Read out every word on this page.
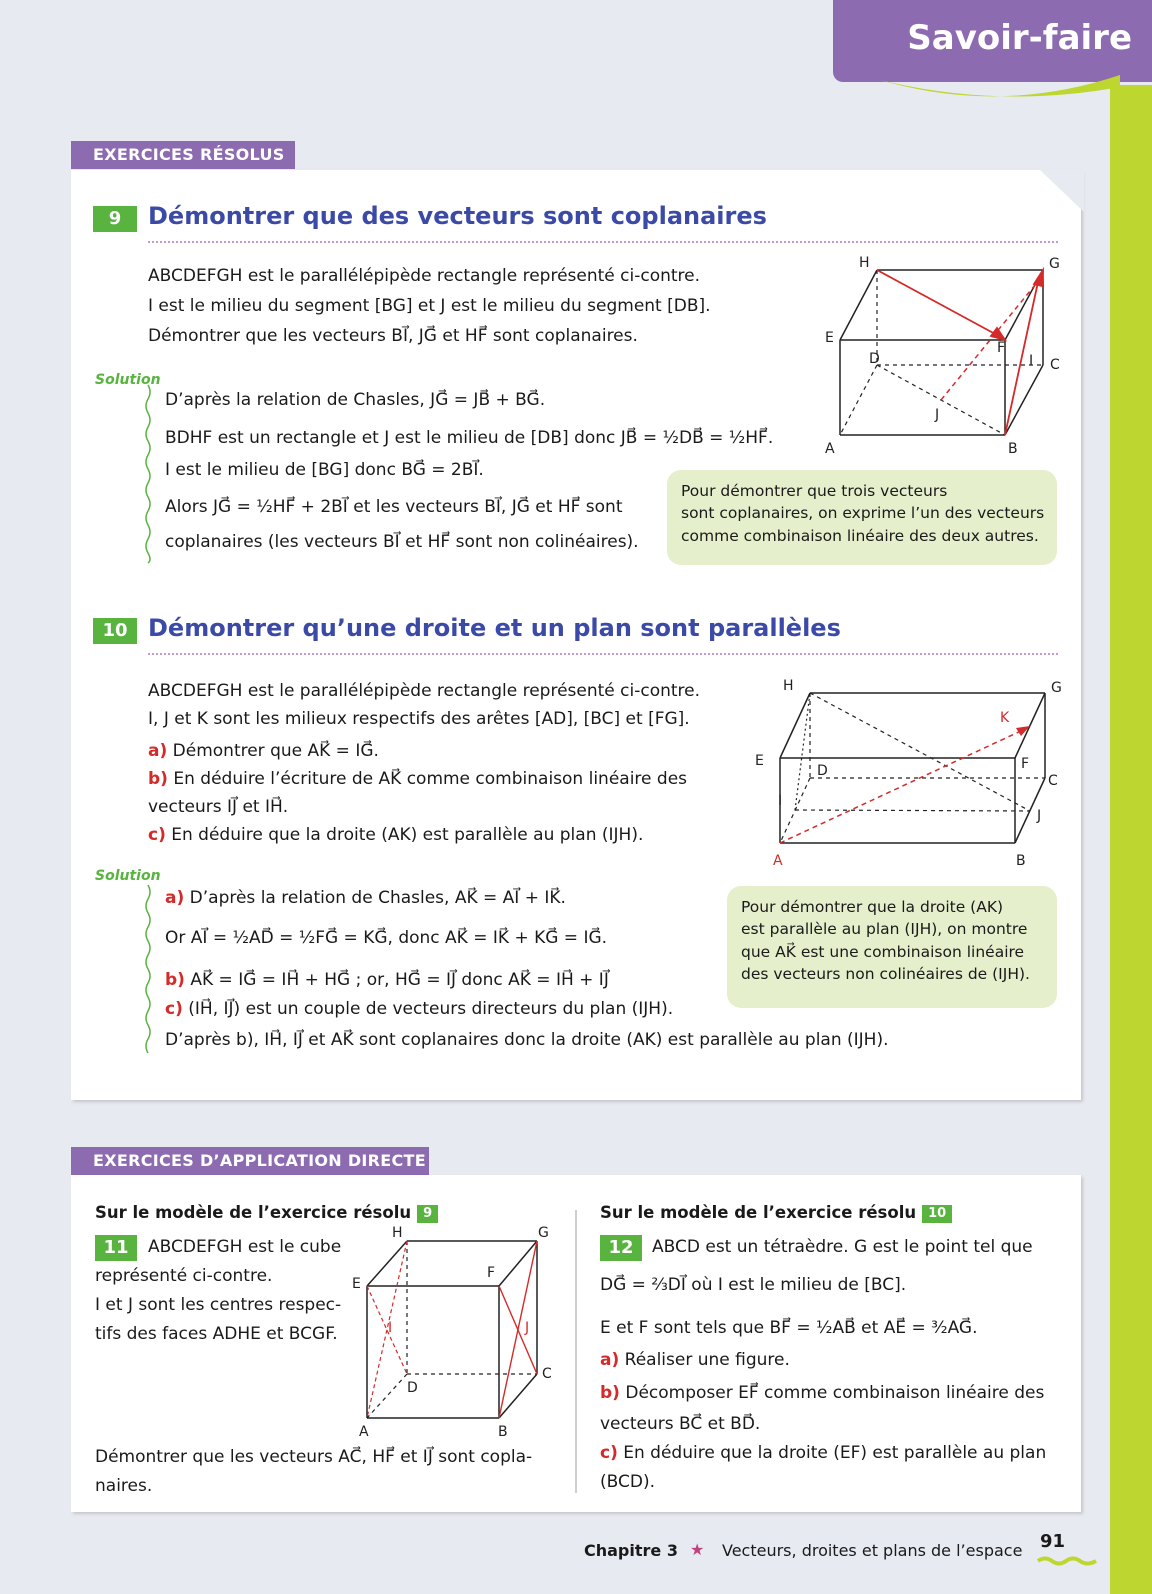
Savoir-faire
EXERCICES RÉSOLUS
9	Démontrer que des vecteurs sont coplanaires
ABCDEFGH est le parallélépipède rectangle représenté ci-contre.
I est le milieu du segment [BG] et J est le milieu du segment [DB].
Démontrer que les vecteurs BI⃗, JG⃗ et HF⃗ sont coplanaires.
Solution
D’après la relation de Chasles, JG⃗ = JB⃗ + BG⃗.
BDHF est un rectangle et J est le milieu de [DB] donc JB⃗ = ½DB⃗ = ½HF⃗.
I est le milieu de [BG] donc BG⃗ = 2BI⃗.
Alors JG⃗ = ½HF⃗ + 2BI⃗ et les vecteurs BI⃗, JG⃗ et HF⃗ sont
coplanaires (les vecteurs BI⃗ et HF⃗ sont non colinéaires).
Pour démontrer que trois vecteurs
sont coplanaires, on exprime l’un des vecteurs
comme combinaison linéaire des deux autres.
H	G
E
F
D	C
I
J
A	B
10 Démontrer qu’une droite et un plan sont parallèles
ABCDEFGH est le parallélépipède rectangle représenté ci-contre.
I, J et K sont les milieux respectifs des arêtes [AD], [BC] et [FG].
a) Démontrer que AK⃗ = IG⃗.
b) En déduire l’écriture de AK⃗ comme combinaison linéaire des
vecteurs IJ⃗ et IH⃗.
c) En déduire que la droite (AK) est parallèle au plan (IJH).
Solution
a) D’après la relation de Chasles, AK⃗ = AI⃗ + IK⃗.
Or AI⃗ = ½AD⃗ = ½FG⃗ = KG⃗, donc AK⃗ = IK⃗ + KG⃗ = IG⃗.
b) AK⃗ = IG⃗ = IH⃗ + HG⃗ ; or, HG⃗ = IJ⃗ donc AK⃗ = IH⃗ + IJ⃗
c) (IH⃗, IJ⃗) est un couple de vecteurs directeurs du plan (IJH).
D’après b), IH⃗, IJ⃗ et AK⃗ sont coplanaires donc la droite (AK) est parallèle au plan (IJH).
Pour démontrer que la droite (AK)
est parallèle au plan (IJH), on montre
que AK⃗ est une combinaison linéaire
des vecteurs non colinéaires de (IJH).
H	G
K
E	F
D
C
I
J
A	B
EXERCICES D’APPLICATION DIRECTE
Sur le modèle de l’exercice résolu 9
11	ABCDEFGH est le cube
représenté ci-contre.
I et J sont les centres respec-
tifs des faces ADHE et BCGF.
Démontrer que les vecteurs AC⃗, HF⃗ et IJ⃗ sont copla-
naires.
H	G
F
E
I	J
C
D
A	B
Sur le modèle de l’exercice résolu 10
12	ABCD est un tétraèdre. G est le point tel que
DG⃗ = ⅔DI⃗ où I est le milieu de [BC].
E et F sont tels que BF⃗ = ½AB⃗ et AE⃗ = ³⁄₂AG⃗.
a) Réaliser une figure.
b) Décomposer EF⃗ comme combinaison linéaire des
vecteurs BC⃗ et BD⃗.
c) En déduire que la droite (EF) est parallèle au plan
(BCD).
Chapitre 3 ★ Vecteurs, droites et plans de l’espace 91
